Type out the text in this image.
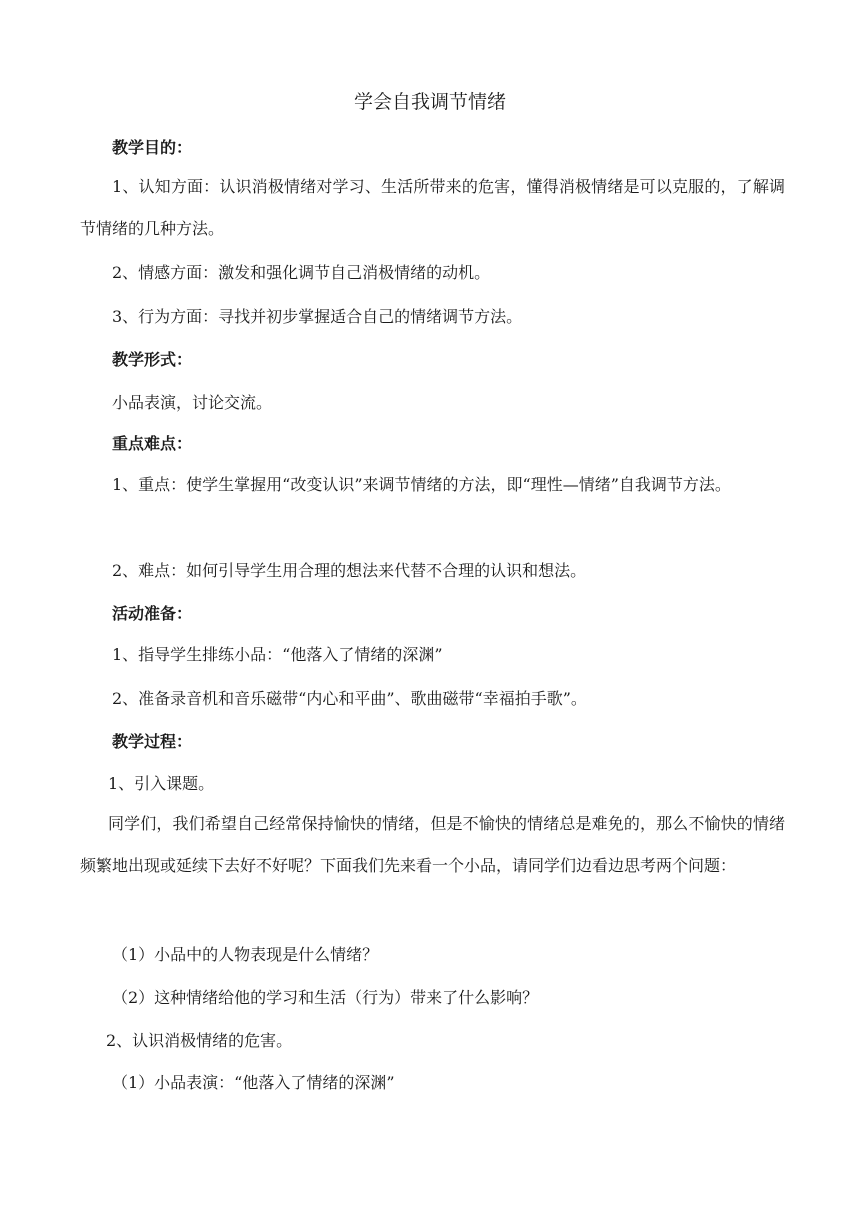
学会自我调节情绪
教学目的：
1、认知方面：认识消极情绪对学习、生活所带来的危害，懂得消极情绪是可以克服的，了解调节情绪的几种方法。
2、情感方面：激发和强化调节自己消极情绪的动机。
3、行为方面：寻找并初步掌握适合自己的情绪调节方法。
教学形式：
小品表演，讨论交流。
重点难点：
1、重点：使学生掌握用“改变认识”来调节情绪的方法，即“理性—情绪”自我调节方法。
2、难点：如何引导学生用合理的想法来代替不合理的认识和想法。
活动准备：
1、指导学生排练小品：“他落入了情绪的深渊”
2、准备录音机和音乐磁带“内心和平曲”、歌曲磁带“幸福拍手歌”。
教学过程：
1、引入课题。
同学们，我们希望自己经常保持愉快的情绪，但是不愉快的情绪总是难免的，那么不愉快的情绪频繁地出现或延续下去好不好呢？下面我们先来看一个小品，请同学们边看边思考两个问题：
（1）小品中的人物表现是什么情绪？
（2）这种情绪给他的学习和生活（行为）带来了什么影响？
2、认识消极情绪的危害。
（1）小品表演：“他落入了情绪的深渊”
